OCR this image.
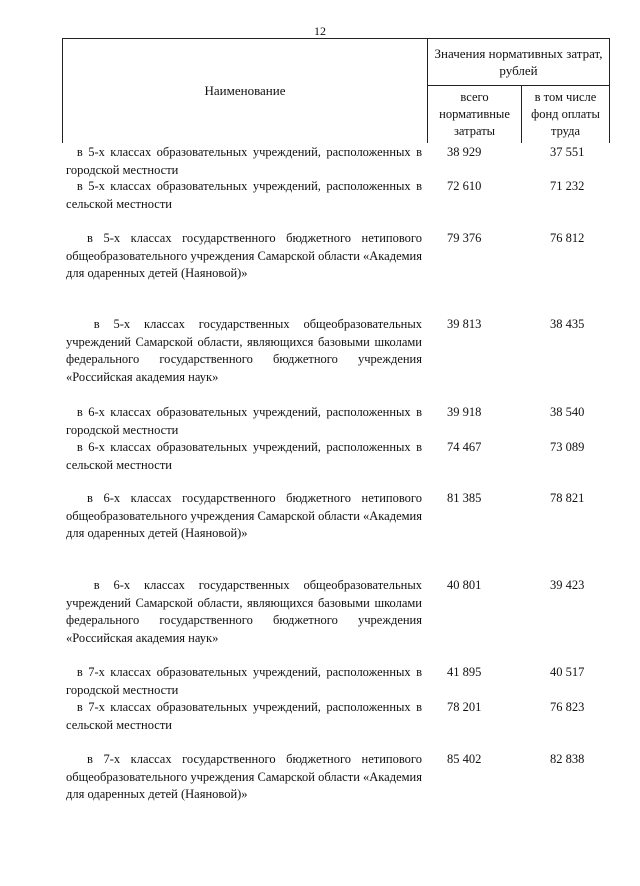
12
Наименование
Значения нормативных затрат, рублей
всего нормативные затраты
в том числе фонд оплаты труда
в 5-х классах образовательных учреждений, расположенных в городской местности
38 929	37 551
в 5-х классах образовательных учреждений, расположенных в сельской местности
72 610	71 232
в 5-х классах государственного бюджетного нетипового общеобразовательного учреждения Самарской области «Академия для одаренных детей (Наяновой)»
79 376	76 812
в 5-х классах государственных общеобразовательных учреждений Самарской области, являющихся базовыми школами федерального государственного бюджетного учреждения «Российская академия наук»
39 813	38 435
в 6-х классах образовательных учреждений, расположенных в городской местности
39 918	38 540
в 6-х классах образовательных учреждений, расположенных в сельской местности
74 467	73 089
в 6-х классах государственного бюджетного нетипового общеобразовательного учреждения Самарской области «Академия для одаренных детей (Наяновой)»
81 385	78 821
в 6-х классах государственных общеобразовательных учреждений Самарской области, являющихся базовыми школами федерального государственного бюджетного учреждения «Российская академия наук»
40 801	39 423
в 7-х классах образовательных учреждений, расположенных в городской местности
41 895	40 517
в 7-х классах образовательных учреждений, расположенных в сельской местности
78 201	76 823
в 7-х классах государственного бюджетного нетипового общеобразовательного учреждения Самарской области «Академия для одаренных детей (Наяновой)»
85 402	82 838
